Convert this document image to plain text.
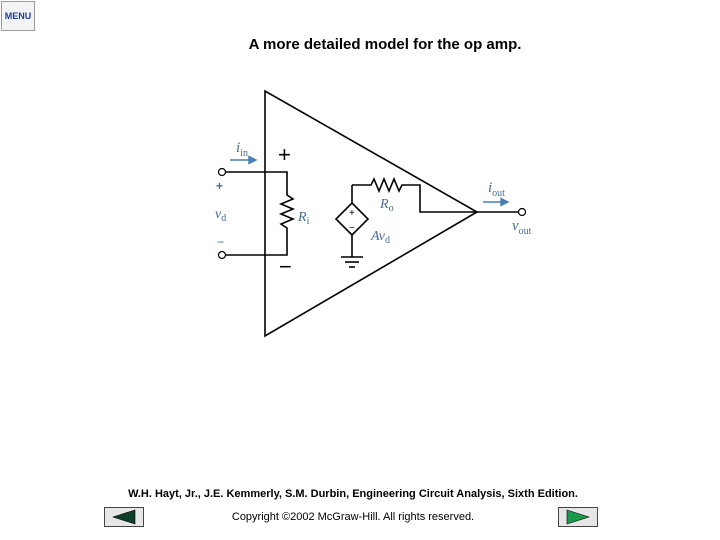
MENU
A more detailed model for the op amp.
$i_{in}$ +
−
+
$v_d$
−
$R_i$
$R_o$
+
−
$Av_d$
$i_{out}$
$v_{out}$
W.H. Hayt, Jr., J.E. Kemmerly, S.M. Durbin, Engineering Circuit Analysis, Sixth Edition.
Copyright ©2002 McGraw-Hill. All rights reserved.
